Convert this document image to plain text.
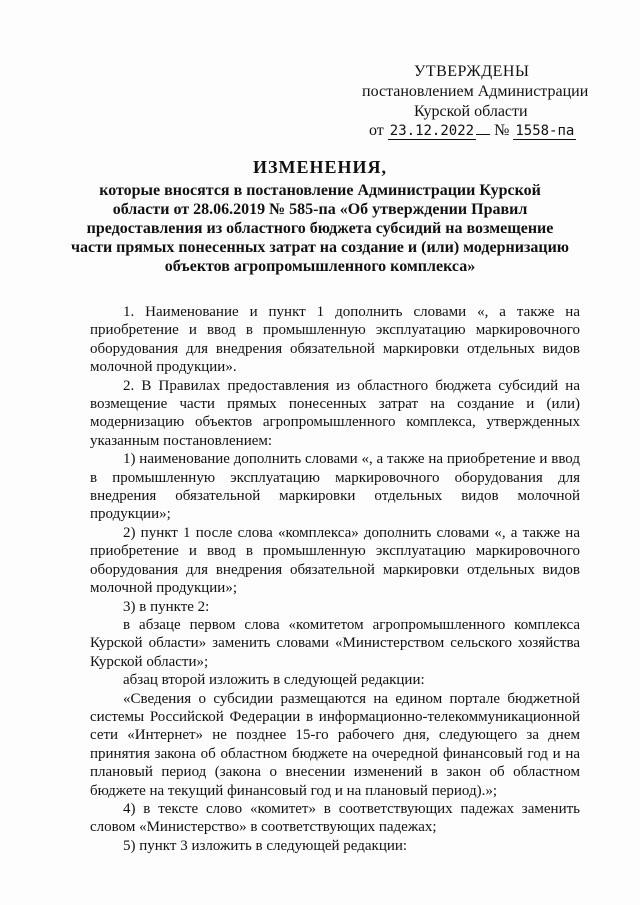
УТВЕРЖДЕНЫ
постановлением Администрации
Курской области
от 23.12.2022 № 1558-па
ИЗМЕНЕНИЯ,
которые вносятся в постановление Администрации Курской области от 28.06.2019 № 585-па «Об утверждении Правил предоставления из областного бюджета субсидий на возмещение части прямых понесенных затрат на создание и (или) модернизацию объектов агропромышленного комплекса»

1. Наименование и пункт 1 дополнить словами «, а также на приобретение и ввод в промышленную эксплуатацию маркировочного оборудования для внедрения обязательной маркировки отдельных видов молочной продукции».

2. В Правилах предоставления из областного бюджета субсидий на возмещение части прямых понесенных затрат на создание и (или) модернизацию объектов агропромышленного комплекса, утвержденных указанным постановлением:

1) наименование дополнить словами «, а также на приобретение и ввод в промышленную эксплуатацию маркировочного оборудования для внедрения обязательной маркировки отдельных видов молочной продукции»;

2) пункт 1 после слова «комплекса» дополнить словами «, а также на приобретение и ввод в промышленную эксплуатацию маркировочного оборудования для внедрения обязательной маркировки отдельных видов молочной продукции»;

3) в пункте 2:

в абзаце первом слова «комитетом агропромышленного комплекса Курской области» заменить словами «Министерством сельского хозяйства Курской области»;

абзац второй изложить в следующей редакции:

«Сведения о субсидии размещаются на едином портале бюджетной системы Российской Федерации в информационно-телекоммуникационной сети «Интернет» не позднее 15-го рабочего дня, следующего за днем принятия закона об областном бюджете на очередной финансовый год и на плановый период (закона о внесении изменений в закон об областном бюджете на текущий финансовый год и на плановый период).»;

4) в тексте слово «комитет» в соответствующих падежах заменить словом «Министерство» в соответствующих падежах;

5) пункт 3 изложить в следующей редакции:
